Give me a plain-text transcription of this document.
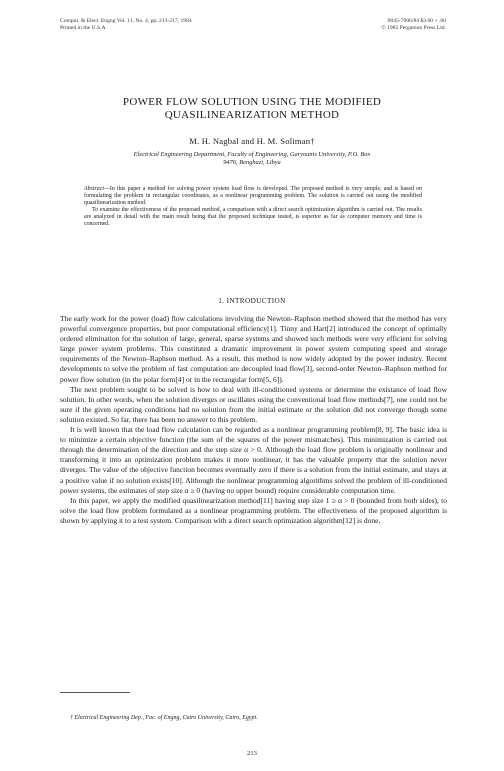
Comput. & Elect. Engng Vol. 11, No. 4, pp. 213-217, 1984
Printed in the U.S.A.
0045-7906/84 $3.00 + .00
© 1985 Pergamon Press Ltd.
POWER FLOW SOLUTION USING THE MODIFIED
QUASILINEARIZATION METHOD
M. H. Nagbal and H. M. Soliman†
Electrical Engineering Department, Faculty of Engineering, Garyounis University, P.O. Box
9476, Benghazi, Libya

Abstract—In this paper a method for solving power system load flow is developed. The proposed method is very simple, and is based on formulating the problem in rectangular coordinates, as a nonlinear programming problem. The solution is carried out using the modified quasilinearization method.

To examine the effectiveness of the proposed method, a comparison with a direct search optimization algorithm is carried out. The results are analyzed in detail with the main result being that the proposed technique tested, is superior as far as computer memory and time is concerned.

1. INTRODUCTION

The early work for the power (load) flow calculations involving the Newton–Raphson method showed that the method has very powerful convergence properties, but poor computational efficiency[1]. Tinny and Hart[2] introduced the concept of optimally ordered elimination for the solution of large, general, sparse systems and showed such methods were very efficient for solving large power system problems. This constituted a dramatic improvement in power system computing speed and storage requirements of the Newton–Raphson method. As a result, this method is now widely adopted by the power industry. Recent developments to solve the problem of fast computation are decoupled load flow[3], second-order Newton–Raphson method for power flow solution (in the polar form[4] or in the rectangular form[5, 6]).

The next problem sought to be solved is how to deal with ill-conditioned systems or determine the existance of load flow solution. In other words, when the solution diverges or oscillates using the conventional load flow methods[7], one could not be sure if the given operating conditions had no solution from the initial estimate or the solution did not converge though some solution existed. So far, there has been no answer to this problem.

It is well known that the load flow calculation can be regarded as a nonlinear programming problem[8, 9]. The basic idea is to minimize a certain objective function (the sum of the squares of the power mismatches). This minimization is carried out through the determination of the direction and the step size α > 0. Although the load flow problem is originally nonlinear and transforming it into an optimization problem makes it more nonlinear, it has the valuable property that the solution never diverges. The value of the objective function becomes eventually zero if there is a solution from the initial estimate, and stays at a positive value if no solution exists[10]. Although the nonlinear programming algorithms solved the problem of ill-conditioned power systems, the estimates of step size α ≥ 0 (having no upper bound) require considerable computation time.

In this paper, we apply the modified quasilinearization method[11] having step size 1 ≥ α > 0 (bounded from both sides), to solve the load flow problem formulated as a nonlinear programming problem. The effectiveness of the proposed algorithm is shown by applying it to a test system. Comparison with a direct search optimization algorithm[12] is done.

† Electrical Engineering Dep., Fac. of Engng, Cairo University, Cairo, Egypt.
213
